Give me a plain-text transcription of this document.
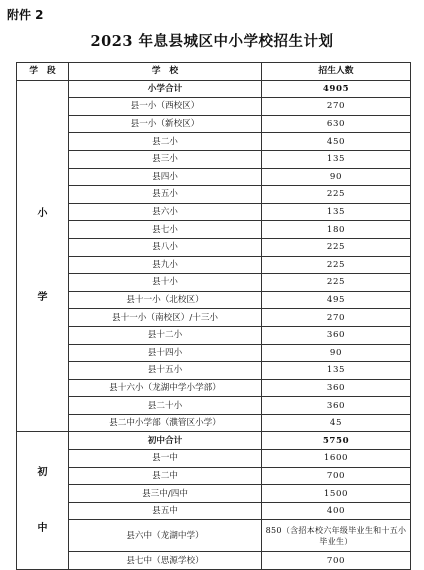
附件 2
2023 年息县城区中小学校招生计划
学　段	学　校	招生人数

小
学	小学合计	4905
	县一小（西校区）	270
	县一小（新校区）	630
	县二小	450
	县三小	135
	县四小	90
	县五小	225
	县六小	135
	县七小	180
	县八小	225
	县九小	225
	县十小	225
	县十一小（北校区）	495
	县十一小（南校区）/十三小	270
	县十二小	360
	县十四小	90
	县十五小	135
	县十六小（龙湖中学小学部）	360
	县二十小	360
	县二中小学部（濮管区小学）	45

初
中	初中合计	5750
	县一中	1600
	县二中	700
	县三中/四中	1500
	县五中	400
	县六中（龙湖中学）	850（含招本校六年级毕业生和十五小毕业生）
	县七中（思源学校）	700
